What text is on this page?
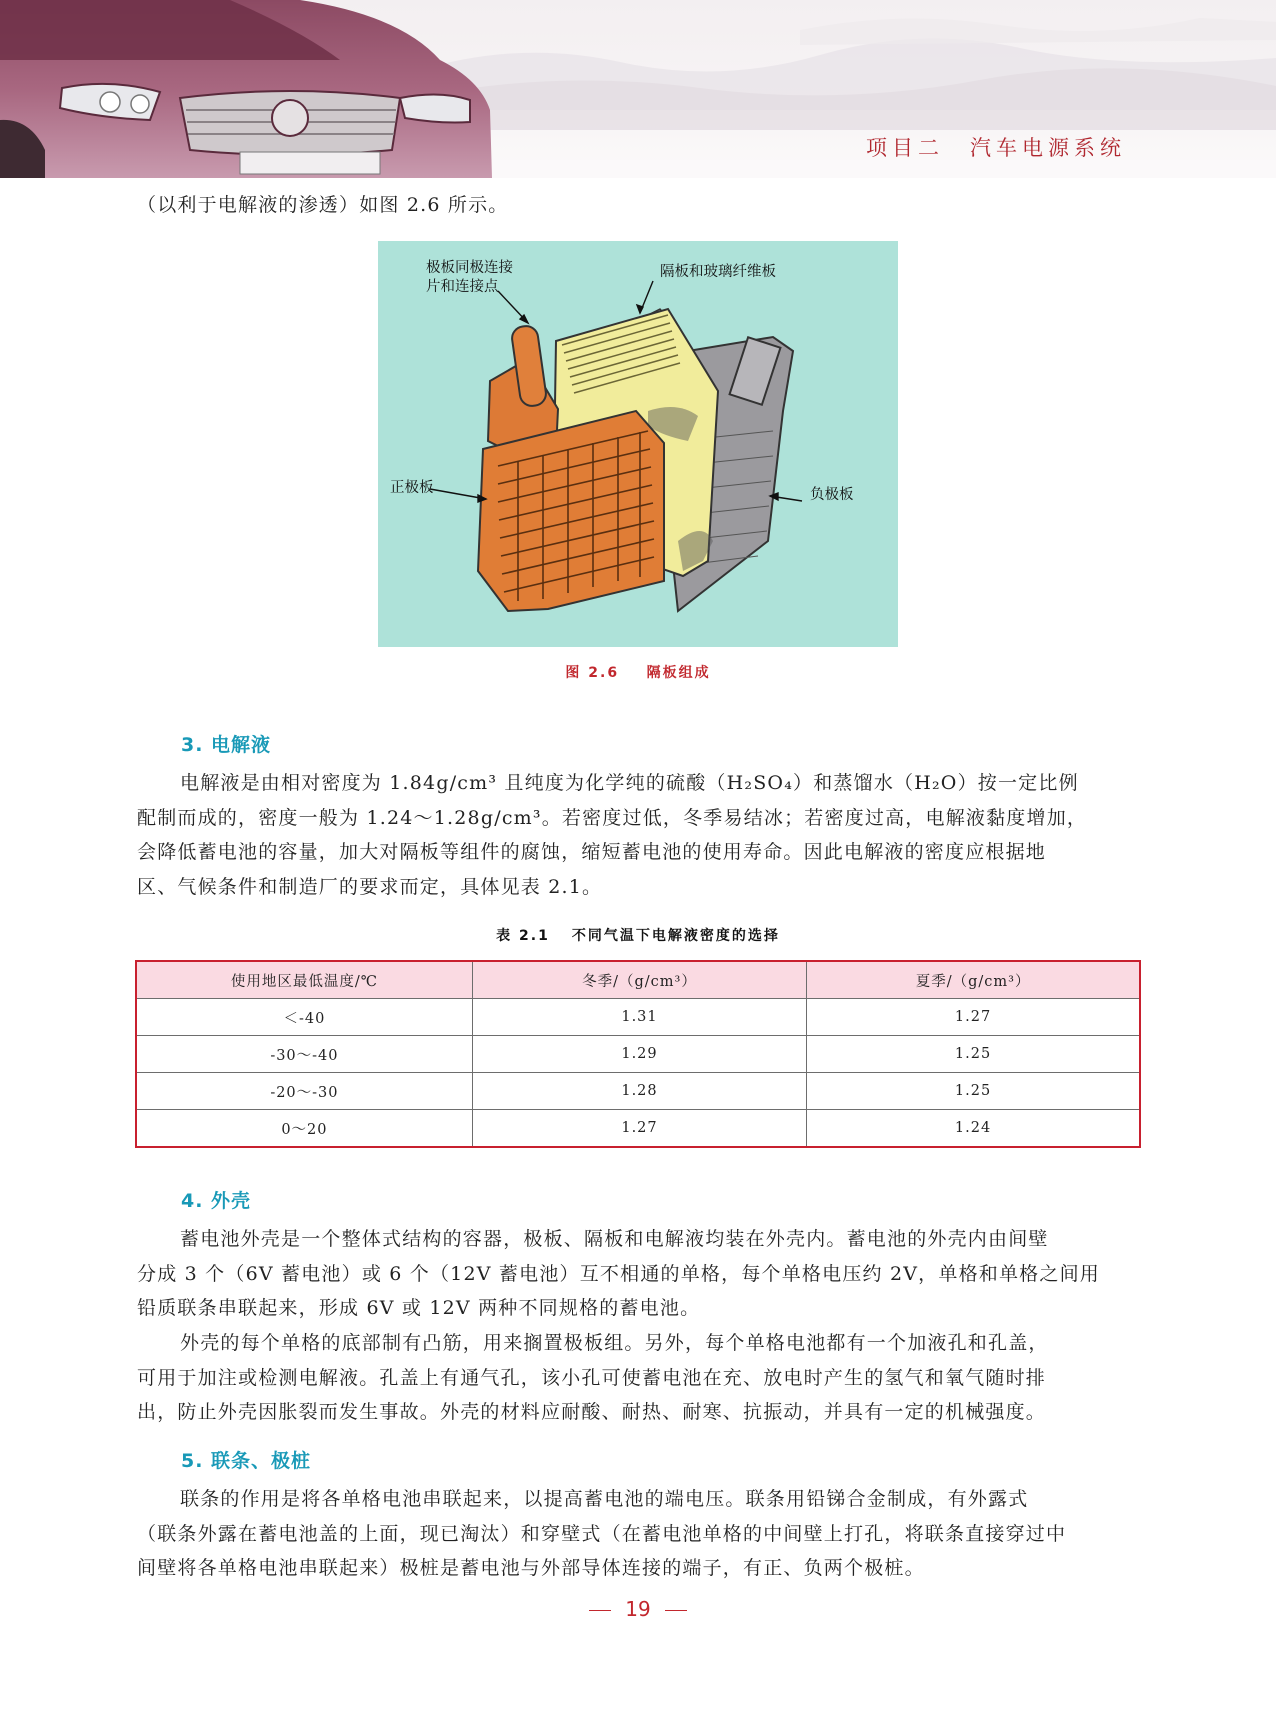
项目二 汽车电源系统

（以利于电解液的渗透）如图 2.6 所示。

极板同极连接
片和连接点
隔板和玻璃纤维板
正极板	负极板
图 2.6 隔板组成
3. 电解液

电解液是由相对密度为 1.84g/cm³ 且纯度为化学纯的硫酸（H₂SO₄）和蒸馏水（H₂O）按一定比例
配制而成的，密度一般为 1.24～1.28g/cm³。若密度过低，冬季易结冰；若密度过高，电解液黏度增加，
会降低蓄电池的容量，加大对隔板等组件的腐蚀，缩短蓄电池的使用寿命。因此电解液的密度应根据地
区、气候条件和制造厂的要求而定，具体见表 2.1。

表 2.1 不同气温下电解液密度的选择
使用地区最低温度/℃	冬季/（g/cm³）	夏季/（g/cm³）
＜-40	1.31	1.27
-30～-40	1.29	1.25
-20～-30	1.28	1.25
0～20	1.27	1.24
4. 外壳

蓄电池外壳是一个整体式结构的容器，极板、隔板和电解液均装在外壳内。蓄电池的外壳内由间壁
分成 3 个（6V 蓄电池）或 6 个（12V 蓄电池）互不相通的单格，每个单格电压约 2V，单格和单格之间用
铅质联条串联起来，形成 6V 或 12V 两种不同规格的蓄电池。

外壳的每个单格的底部制有凸筋，用来搁置极板组。另外，每个单格电池都有一个加液孔和孔盖，
可用于加注或检测电解液。孔盖上有通气孔，该小孔可使蓄电池在充、放电时产生的氢气和氧气随时排
出，防止外壳因胀裂而发生事故。外壳的材料应耐酸、耐热、耐寒、抗振动，并具有一定的机械强度。

5. 联条、极桩

联条的作用是将各单格电池串联起来，以提高蓄电池的端电压。联条用铅锑合金制成，有外露式
（联条外露在蓄电池盖的上面，现已淘汰）和穿壁式（在蓄电池单格的中间壁上打孔，将联条直接穿过中
间壁将各单格电池串联起来）极桩是蓄电池与外部导体连接的端子，有正、负两个极桩。

19
